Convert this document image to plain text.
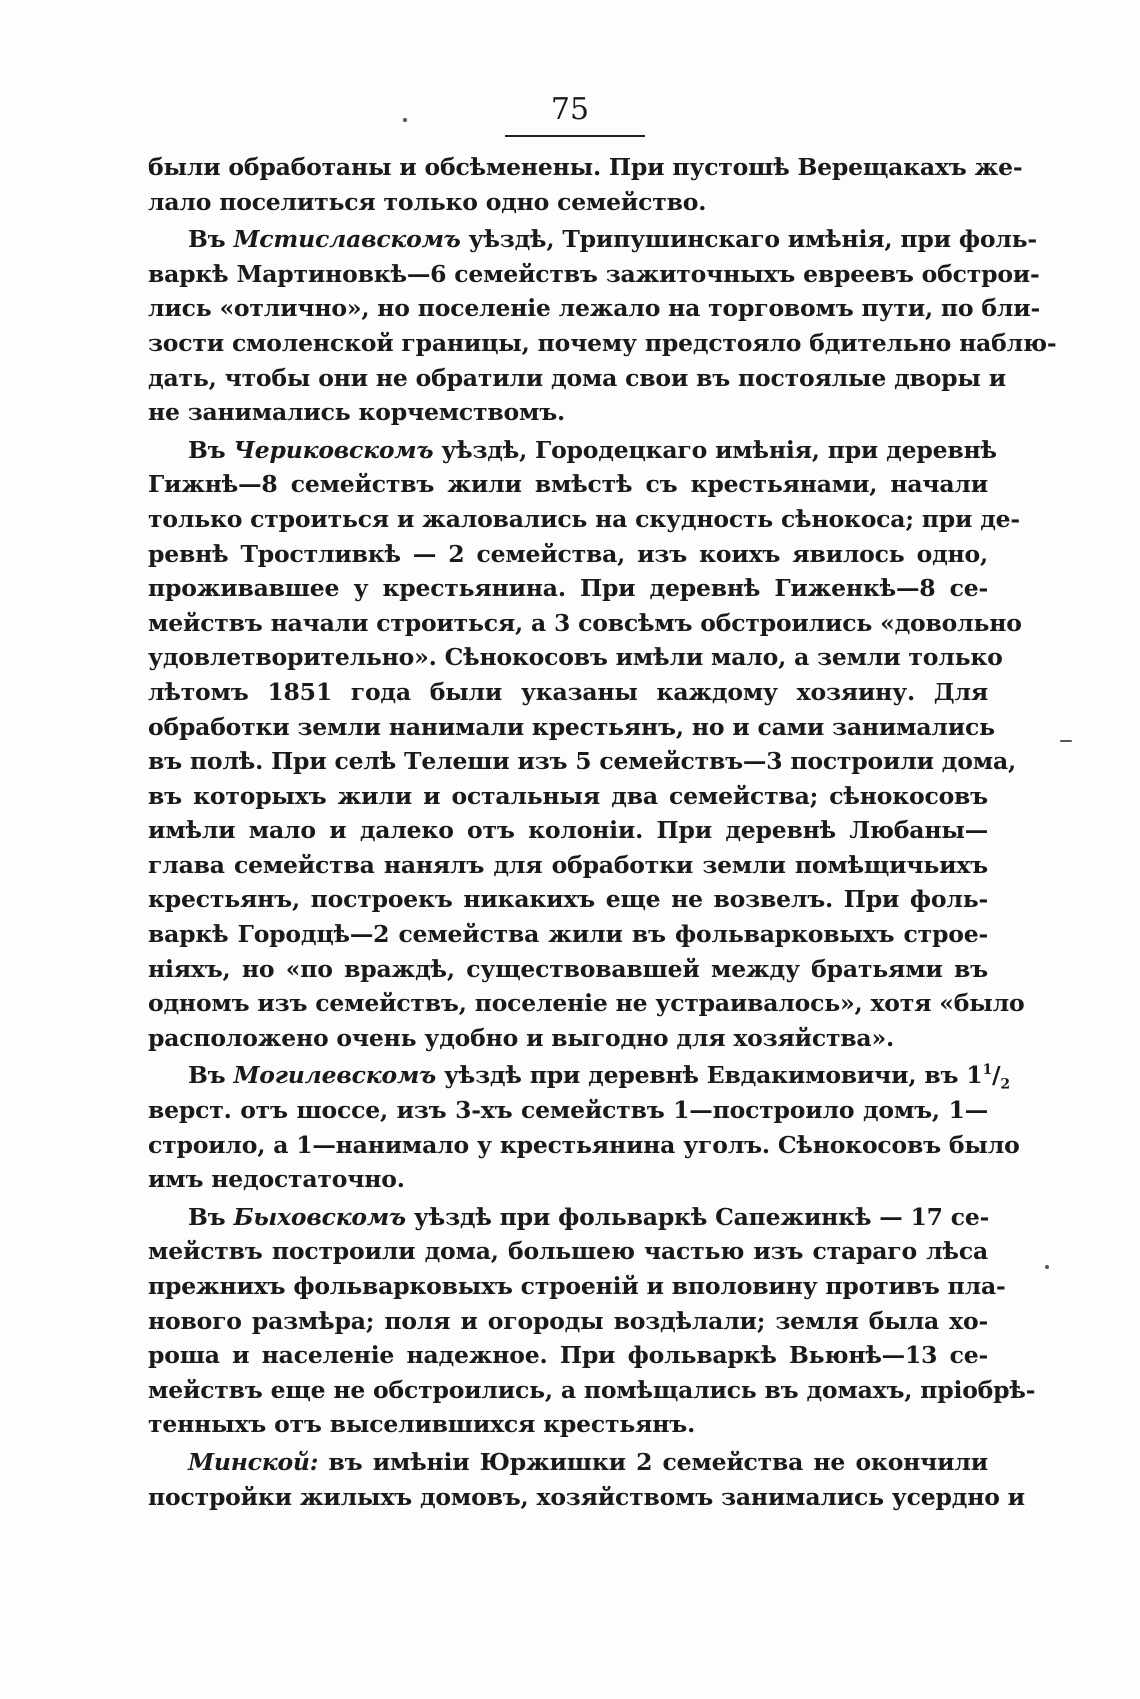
75

были обработаны и обсѣменены. При пустошѣ Верещакахъ же-

лало поселиться только одно семейство.

Въ Мстиславскомъ уѣздѣ, Трипушинскаго имѣнія, при фоль-

варкѣ Мартиновкѣ—6 семействъ зажиточныхъ евреевъ обстрои-

лись «отлично», но поселеніе лежало на торговомъ пути, по бли-

зости смоленской границы, почему предстояло бдительно наблю-

дать, чтобы они не обратили дома свои въ постоялые дворы и

не занимались корчемствомъ.

Въ Чериковскомъ уѣздѣ, Городецкаго имѣнія, при деревнѣ

Гижнѣ—8 семействъ жили вмѣстѣ съ крестьянами, начали

только строиться и жаловались на скудность сѣнокоса; при де-

ревнѣ Тростливкѣ — 2 семейства, изъ коихъ явилось одно,

проживавшее у крестьянина. При деревнѣ Гиженкѣ—8 се-

мействъ начали строиться, а 3 совсѣмъ обстроились «довольно

удовлетворительно». Сѣнокосовъ имѣли мало, а земли только

лѣтомъ 1851 года были указаны каждому хозяину. Для

обработки земли нанимали крестьянъ, но и сами занимались

въ полѣ. При селѣ Телеши изъ 5 семействъ—3 построили дома,

въ которыхъ жили и остальныя два семейства; сѣнокосовъ

имѣли мало и далеко отъ колоніи. При деревнѣ Любаны—

глава семейства нанялъ для обработки земли помѣщичьихъ

крестьянъ, построекъ никакихъ еще не возвелъ. При фоль-

варкѣ Городцѣ—2 семейства жили въ фольварковыхъ строе-

ніяхъ, но «по враждѣ, существовавшей между братьями въ

одномъ изъ семействъ, поселеніе не устраивалось», хотя «было

расположено очень удобно и выгодно для хозяйства».

Въ Могилевскомъ уѣздѣ при деревнѣ Евдакимовичи, въ $1^1/_2$

верст. отъ шоссе, изъ 3-хъ семействъ 1—построило домъ, 1—

строило, а 1—нанимало у крестьянина уголъ. Сѣнокосовъ было

имъ недостаточно.

Въ Быховскомъ уѣздѣ при фольваркѣ Сапежинкѣ — 17 се-

мействъ построили дома, большею частью изъ стараго лѣса

прежнихъ фольварковыхъ строеній и вполовину противъ пла-

нового размѣра; поля и огороды воздѣлали; земля была хо-

роша и населеніе надежное. При фольваркѣ Вьюнѣ—13 се-

мействъ еще не обстроились, а помѣщались въ домахъ, пріобрѣ-

тенныхъ отъ выселившихся крестьянъ.

Минской: въ имѣніи Юржишки 2 семейства не окончили

постройки жилыхъ домовъ, хозяйствомъ занимались усердно и
